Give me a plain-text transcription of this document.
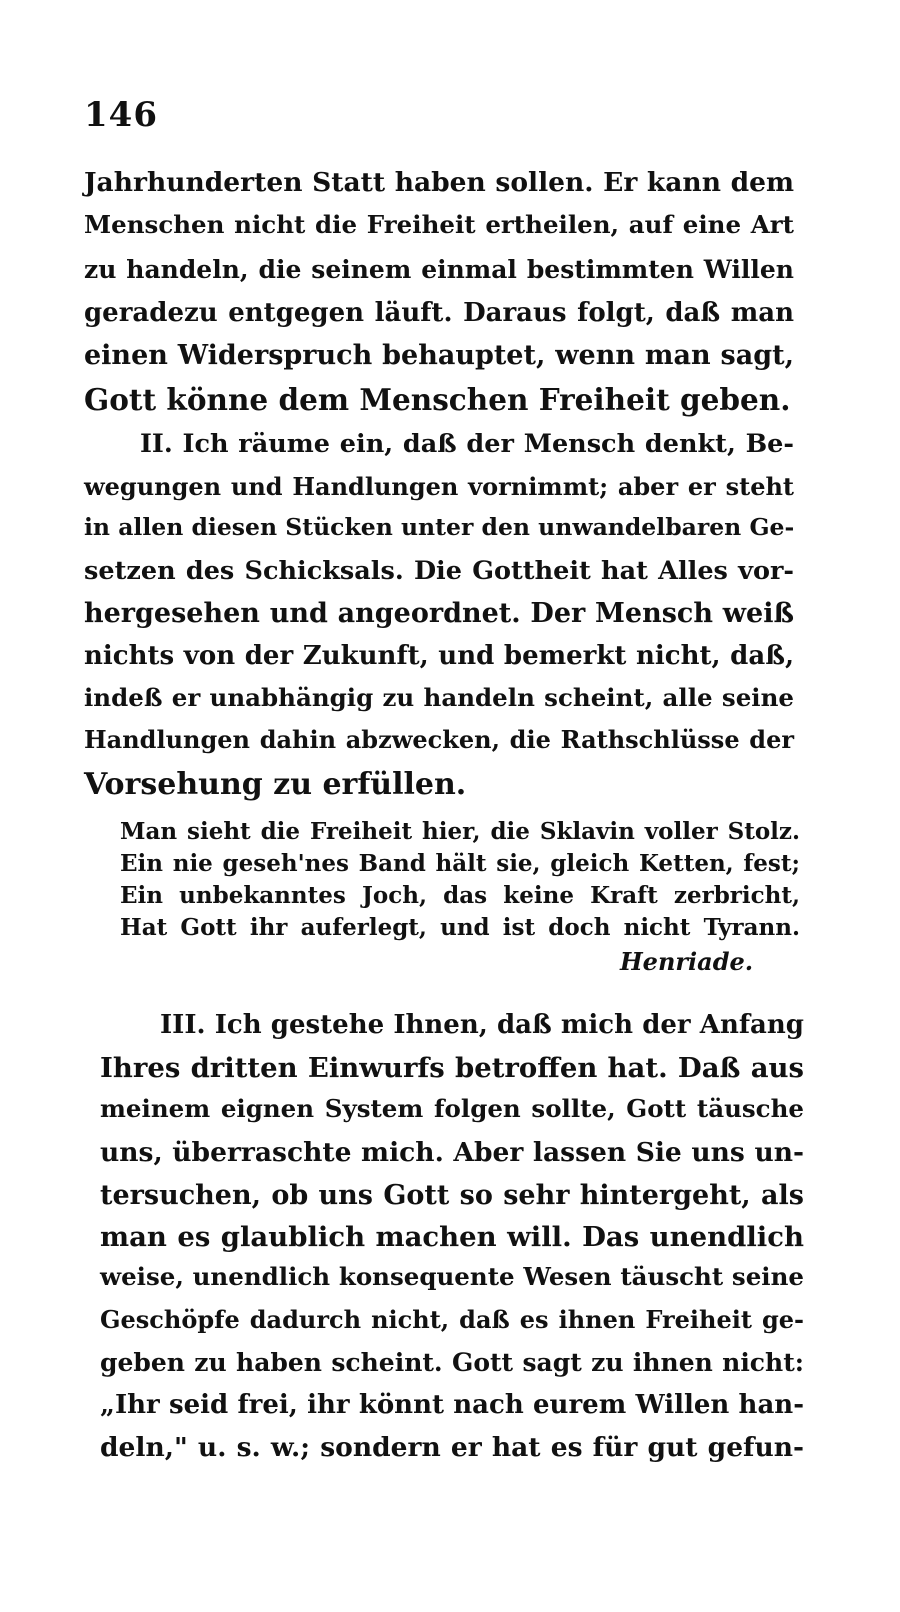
146
Jahrhunderten Statt haben sollen. Er kann dem
Menschen nicht die Freiheit ertheilen, auf eine Art
zu handeln, die seinem einmal bestimmten Willen
geradezu entgegen läuft. Daraus folgt, daß man
einen Widerspruch behauptet, wenn man sagt,
Gott könne dem Menschen Freiheit geben.
II. Ich räume ein, daß der Mensch denkt, Be-
wegungen und Handlungen vornimmt; aber er steht
in allen diesen Stücken unter den unwandelbaren Ge-
setzen des Schicksals. Die Gottheit hat Alles vor-
hergesehen und angeordnet. Der Mensch weiß
nichts von der Zukunft, und bemerkt nicht, daß,
indeß er unabhängig zu handeln scheint, alle seine
Handlungen dahin abzwecken, die Rathschlüsse der
Vorsehung zu erfüllen.
Man sieht die Freiheit hier, die Sklavin voller Stolz.
Ein nie geseh'nes Band hält sie, gleich Ketten, fest;
Ein unbekanntes Joch, das keine Kraft zerbricht,
Hat Gott ihr auferlegt, und ist doch nicht Tyrann.
Henriade.
III. Ich gestehe Ihnen, daß mich der Anfang
Ihres dritten Einwurfs betroffen hat. Daß aus
meinem eignen System folgen sollte, Gott täusche
uns, überraschte mich. Aber lassen Sie uns un-
tersuchen, ob uns Gott so sehr hintergeht, als
man es glaublich machen will. Das unendlich
weise, unendlich konsequente Wesen täuscht seine
Geschöpfe dadurch nicht, daß es ihnen Freiheit ge-
geben zu haben scheint. Gott sagt zu ihnen nicht:
„Ihr seid frei, ihr könnt nach eurem Willen han-
deln," u. s. w.; sondern er hat es für gut gefun-
